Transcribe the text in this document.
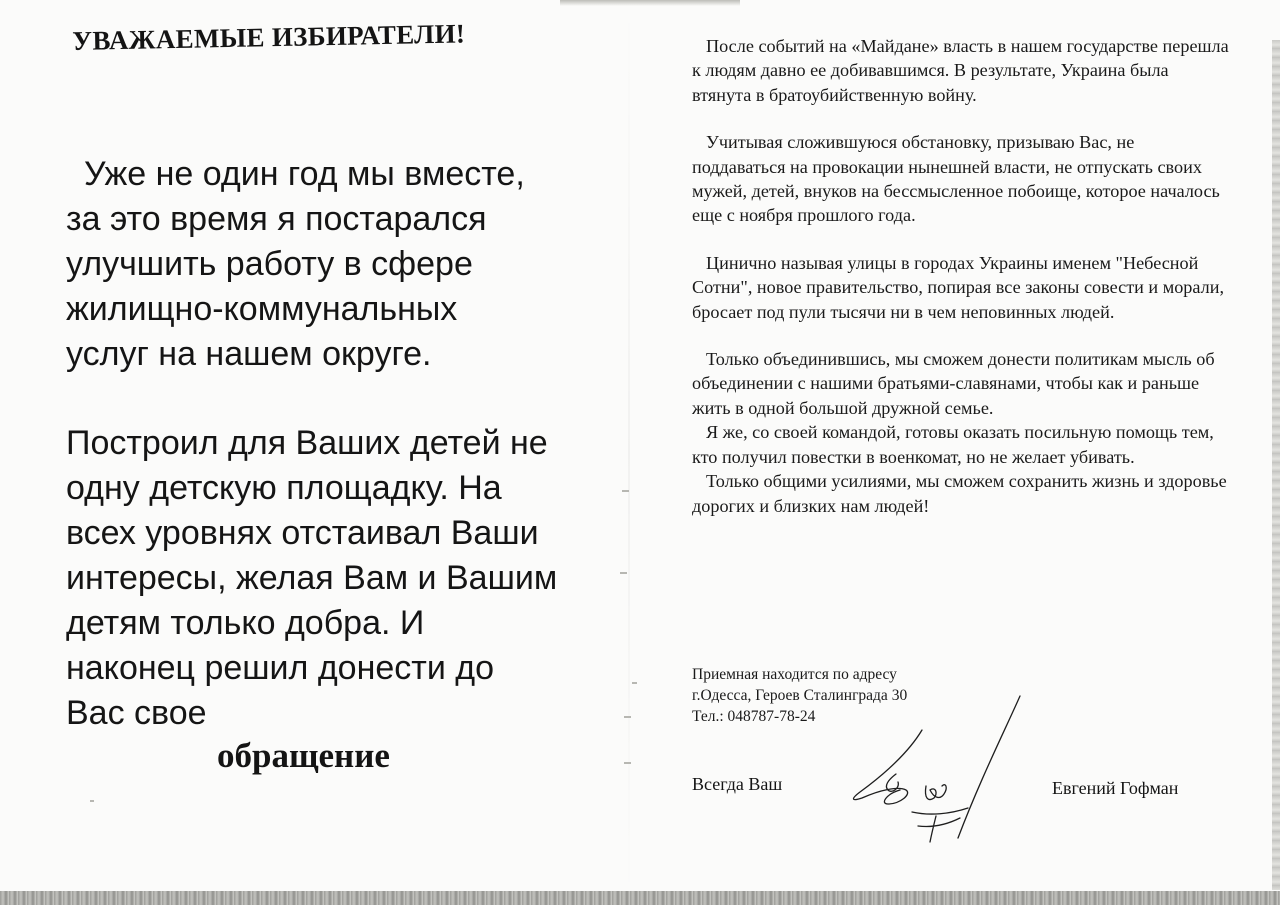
УВАЖАЕМЫЕ ИЗБИРАТЕЛИ!

Уже не один год мы вместе,
за это время я постарался
улучшить работу в сфере
жилищно-коммунальных
услуг на нашем округе.

Построил для Ваших детей не
одну детскую площадку. На
всех уровнях отстаивал Ваши
интересы, желая Вам и Вашим
детям только добра. И
наконец решил донести до
Вас свое

обращение

После событий на «Майдане» власть в нашем государстве перешла к людям давно ее добивавшимся. В результате, Украина была втянута в братоубийственную войну.

Учитывая сложившуюся обстановку, призываю Вас, не поддаваться на провокации нынешней власти, не отпускать своих мужей, детей, внуков на бессмысленное побоище, которое началось еще с ноября прошлого года.

Цинично называя улицы в городах Украины именем "Небесной Сотни", новое правительство, попирая все законы совести и морали, бросает под пули тысячи ни в чем неповинных людей.

Только объединившись, мы сможем донести политикам мысль об объединении с нашими братьями-славянами, чтобы как и раньше жить в одной большой дружной семье.

Я же, со своей командой, готовы оказать посильную помощь тем, кто получил повестки в военкомат, но не желает убивать.

Только общими усилиями, мы сможем сохранить жизнь и здоровье дорогих и близких нам людей!

Приемная находится по адресу
г.Одесса, Героев Сталинграда 30
Тел.: 048787-78-24
Всегда Ваш	Евгений Гофман
